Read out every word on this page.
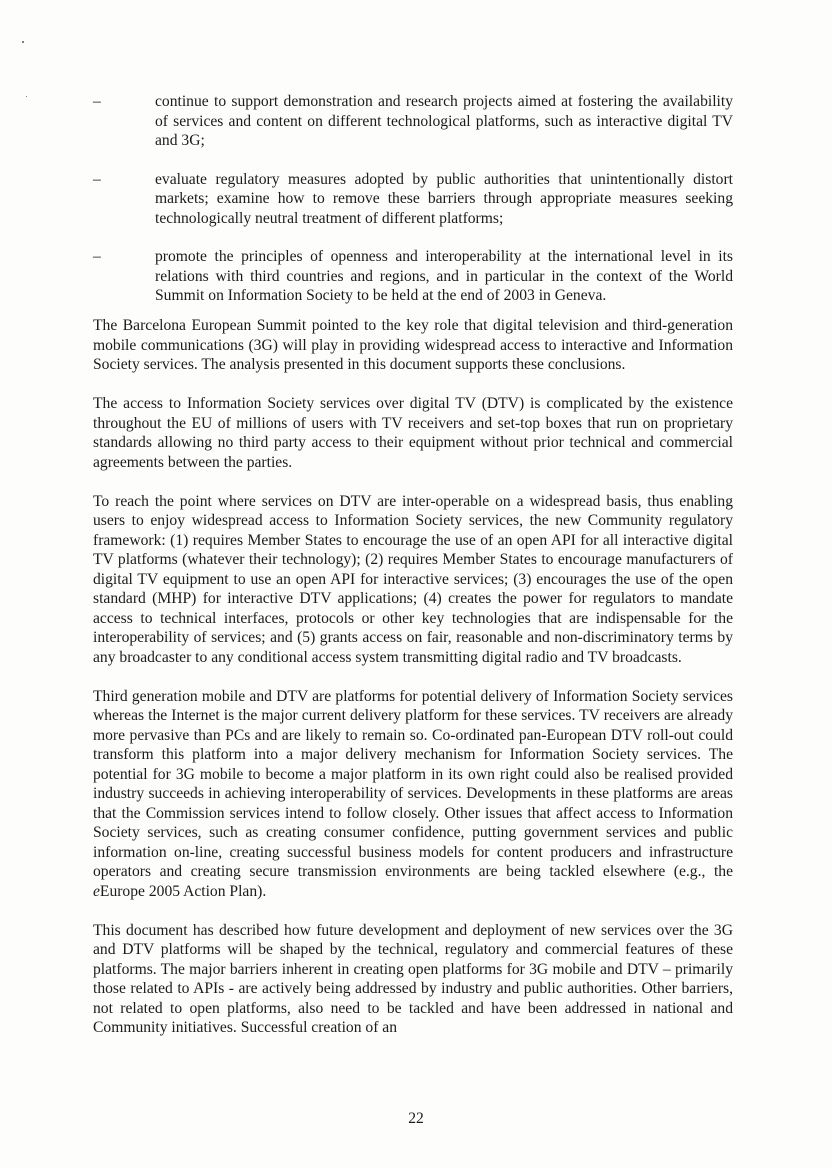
–	continue to support demonstration and research projects aimed at fostering the availability of services and content on different technological platforms, such as interactive digital TV and 3G;
–	evaluate regulatory measures adopted by public authorities that unintentionally distort markets; examine how to remove these barriers through appropriate measures seeking technologically neutral treatment of different platforms;
–	promote the principles of openness and interoperability at the international level in its relations with third countries and regions, and in particular in the context of the World Summit on Information Society to be held at the end of 2003 in Geneva.

The Barcelona European Summit pointed to the key role that digital television and third-generation mobile communications (3G) will play in providing widespread access to interactive and Information Society services. The analysis presented in this document supports these conclusions.

The access to Information Society services over digital TV (DTV) is complicated by the existence throughout the EU of millions of users with TV receivers and set-top boxes that run on proprietary standards allowing no third party access to their equipment without prior technical and commercial agreements between the parties.

To reach the point where services on DTV are inter-operable on a widespread basis, thus enabling users to enjoy widespread access to Information Society services, the new Community regulatory framework: (1) requires Member States to encourage the use of an open API for all interactive digital TV platforms (whatever their technology); (2) requires Member States to encourage manufacturers of digital TV equipment to use an open API for interactive services; (3) encourages the use of the open standard (MHP) for interactive DTV applications; (4) creates the power for regulators to mandate access to technical interfaces, protocols or other key technologies that are indispensable for the interoperability of services; and (5) grants access on fair, reasonable and non-discriminatory terms by any broadcaster to any conditional access system transmitting digital radio and TV broadcasts.

Third generation mobile and DTV are platforms for potential delivery of Information Society services whereas the Internet is the major current delivery platform for these services. TV receivers are already more pervasive than PCs and are likely to remain so. Co-ordinated pan-European DTV roll-out could transform this platform into a major delivery mechanism for Information Society services. The potential for 3G mobile to become a major platform in its own right could also be realised provided industry succeeds in achieving interoperability of services. Developments in these platforms are areas that the Commission services intend to follow closely. Other issues that affect access to Information Society services, such as creating consumer confidence, putting government services and public information on-line, creating successful business models for content producers and infrastructure operators and creating secure transmission environments are being tackled elsewhere (e.g., the eEurope 2005 Action Plan).

This document has described how future development and deployment of new services over the 3G and DTV platforms will be shaped by the technical, regulatory and commercial features of these platforms. The major barriers inherent in creating open platforms for 3G mobile and DTV – primarily those related to APIs - are actively being addressed by industry and public authorities. Other barriers, not related to open platforms, also need to be tackled and have been addressed in national and Community initiatives. Successful creation of an

22
